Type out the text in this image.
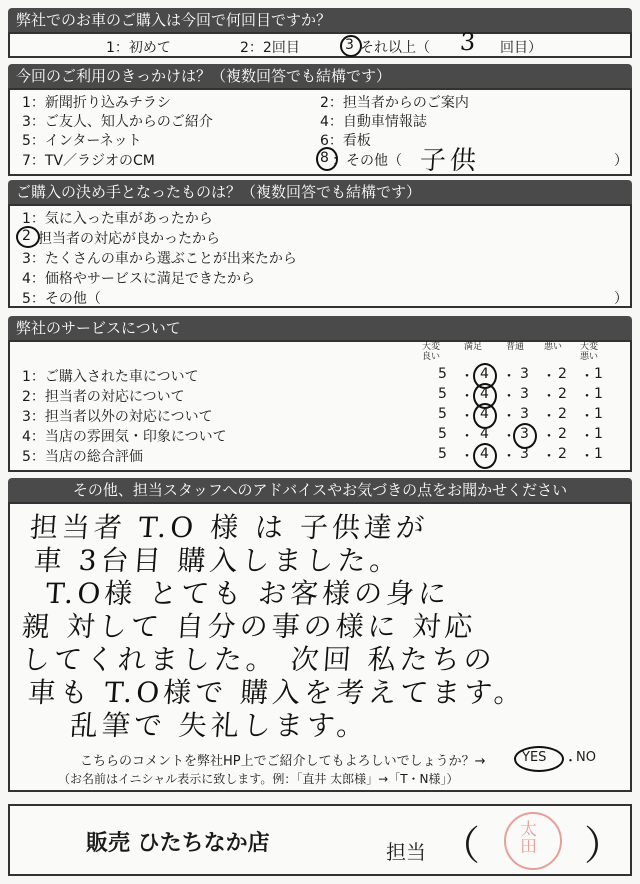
弊社でのお車のご購入は今回で何回目ですか？
1：初めて	2：2回目	3 それ以上（ 3 回目）
今回のご利用のきっかけは？（複数回答でも結構です）
1：新聞折り込みチラシ	2：担当者からのご案内
3：ご友人、知人からのご紹介	4：自動車情報誌
5：インターネット	6：看板
7：TV／ラジオのCM	8 ：その他（ 子供	）
ご購入の決め手となったものは？（複数回答でも結構です）
1：気に入った車があったから
2 担当者の対応が良かったから
3：たくさんの車から選ぶことが出来たから
4：価格やサービスに満足できたから
5：その他（	）
弊社のサービスについて
大変良い
満足	普通	悪い	大変悪い
1：ご購入された車について	5 ・ 4 ・ 3 ・ 2 ・ 1
2：担当者の対応について	5 ・ 4 ・ 3 ・ 2 ・ 1
3：担当者以外の対応について	5 ・ 4 ・ 3 ・ 2 ・ 1
4：当店の雰囲気・印象について	5 ・ 4 ・ 3 ・ 2 ・ 1
5：当店の総合評価	5 ・ 4 ・ 3 ・ 2 ・ 1
その他、担当スタッフへのアドバイスやお気づきの点をお聞かせください
担当者 T.O 様 は 子供達が
車 3台目 購入しました。
T.O様 とても お客様の身に
親 対して 自分の事の様に 対応
してくれました。 次回 私たちの
車も T.O様で 購入を考えてます。
乱筆で 失礼します。
こちらのコメントを弊社HP上でご紹介してもよろしいでしょうか？→	YES ・
NO
（お名前はイニシャル表示に致します。例：「直井 太郎様」→「T・N様」）
販売 ひたちなか店	担当 （ 太田 ）
